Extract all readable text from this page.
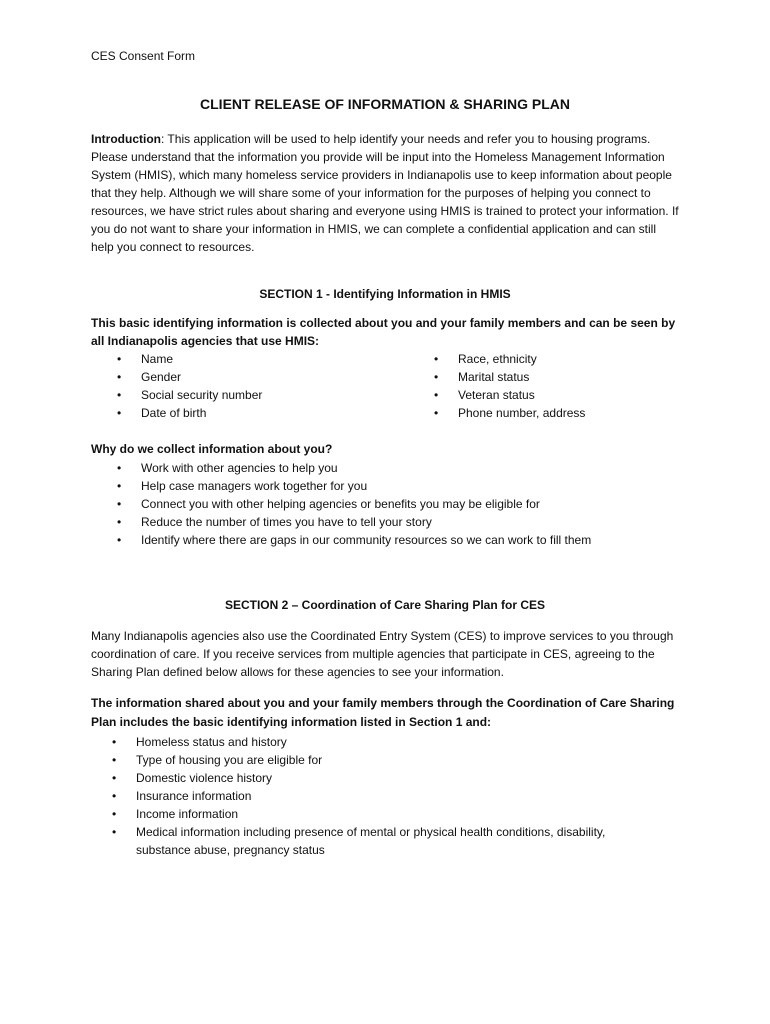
CES Consent Form
CLIENT RELEASE OF INFORMATION & SHARING PLAN
Introduction: This application will be used to help identify your needs and refer you to housing programs. Please understand that the information you provide will be input into the Homeless Management Information System (HMIS), which many homeless service providers in Indianapolis use to keep information about people that they help. Although we will share some of your information for the purposes of helping you connect to resources, we have strict rules about sharing and everyone using HMIS is trained to protect your information. If you do not want to share your information in HMIS, we can complete a confidential application and can still help you connect to resources.
SECTION 1 - Identifying Information in HMIS
This basic identifying information is collected about you and your family members and can be seen by all Indianapolis agencies that use HMIS:
•
Name
•
Gender
•
Social security number
•
Date of birth
•
Race, ethnicity
•
Marital status
•
Veteran status
•
Phone number, address
Why do we collect information about you?
•
Work with other agencies to help you
•
Help case managers work together for you
•
Connect you with other helping agencies or benefits you may be eligible for
•
Reduce the number of times you have to tell your story
•
Identify where there are gaps in our community resources so we can work to fill them
SECTION 2 – Coordination of Care Sharing Plan for CES
Many Indianapolis agencies also use the Coordinated Entry System (CES) to improve services to you through coordination of care. If you receive services from multiple agencies that participate in CES, agreeing to the Sharing Plan defined below allows for these agencies to see your information.
The information shared about you and your family members through the Coordination of Care Sharing Plan includes the basic identifying information listed in Section 1 and:
•
Homeless status and history
•
Type of housing you are eligible for
•
Domestic violence history
•
Insurance information
•
Income information
•
Medical information including presence of mental or physical health conditions, disability, substance abuse, pregnancy status
